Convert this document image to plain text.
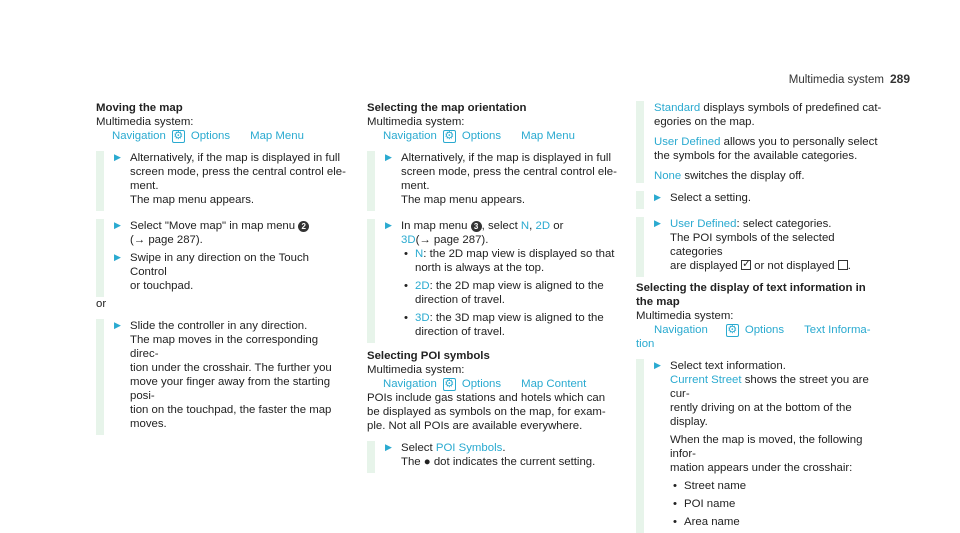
Multimedia system 289
Moving the map
Multimedia system:
Navigation ⚙ Options Map Menu
▶ Alternatively, if the map is displayed in full
screen mode, press the central control ele-
ment.
The map menu appears.
▶ Select "Move map" in map menu 2
(→ page 287).
▶ Swipe in any direction on the Touch Control
or touchpad.
or
▶ Slide the controller in any direction.
The map moves in the corresponding direc-
tion under the crosshair. The further you
move your finger away from the starting posi-
tion on the touchpad, the faster the map
moves.
Selecting the map orientation
Multimedia system:
Navigation ⚙ Options Map Menu
▶ Alternatively, if the map is displayed in full
screen mode, press the central control ele-
ment.
The map menu appears.
▶ In map menu 3 , select N, 2D or
3D(→ page 287).
• N: the 2D map view is displayed so that
north is always at the top.
• 2D: the 2D map view is aligned to the
direction of travel.
• 3D: the 3D map view is aligned to the
direction of travel.
Selecting POI symbols
Multimedia system:
Navigation ⚙ Options Map Content
POIs include gas stations and hotels which can
be displayed as symbols on the map, for exam-
ple. Not all POIs are available everywhere.
▶ Select POI Symbols.
The ● dot indicates the current setting.
Standard displays symbols of predefined cat-
egories on the map.
User Defined allows you to personally select
the symbols for the available categories.
None switches the display off.
▶ Select a setting.
▶ User Defined: select categories.
The POI symbols of the selected categories
are displayed ✓ or not displayed .
Selecting the display of text information in
the map
Multimedia system:
Navigation ⚙	Options Text Informa-
tion
▶ Select text information.
Current Street shows the street you are cur-
rently driving on at the bottom of the display.
When the map is moved, the following infor-
mation appears under the crosshair:
• Street name
• POI name
• Area name
